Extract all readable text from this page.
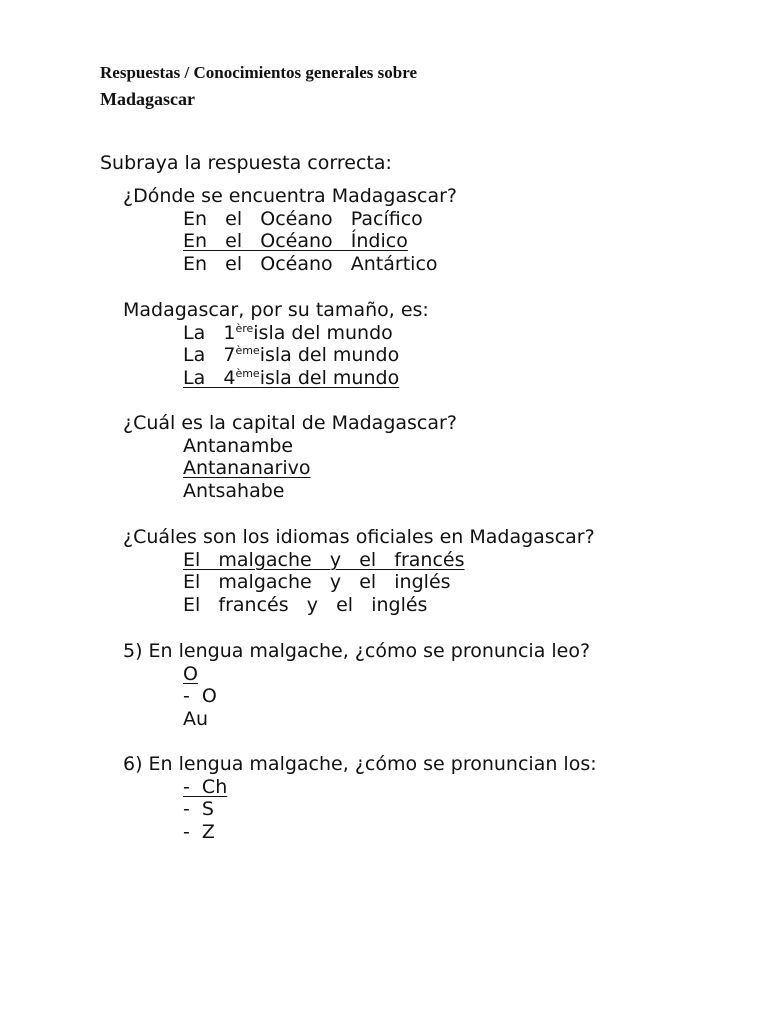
Respuestas / Conocimientos generales sobre
Madagascar
Subraya la respuesta correcta:
¿Dónde se encuentra Madagascar?
En   el   Océano   Pacífico
En   el   Océano   Índico
En   el   Océano   Antártico
Madagascar, por su tamaño, es:
La   1èreisla del mundo
La   7èmeisla del mundo
La   4èmeisla del mundo
¿Cuál es la capital de Madagascar?
Antanambe
Antananarivo
Antsahabe
¿Cuáles son los idiomas oficiales en Madagascar?
El   malgache   y   el   francés
El   malgache   y   el   inglés
El   francés   y   el   inglés
5) En lengua malgache, ¿cómo se pronuncia leo?
O
-  O
Au
6) En lengua malgache, ¿cómo se pronuncian los:
-  Ch
-  S
-  Z
